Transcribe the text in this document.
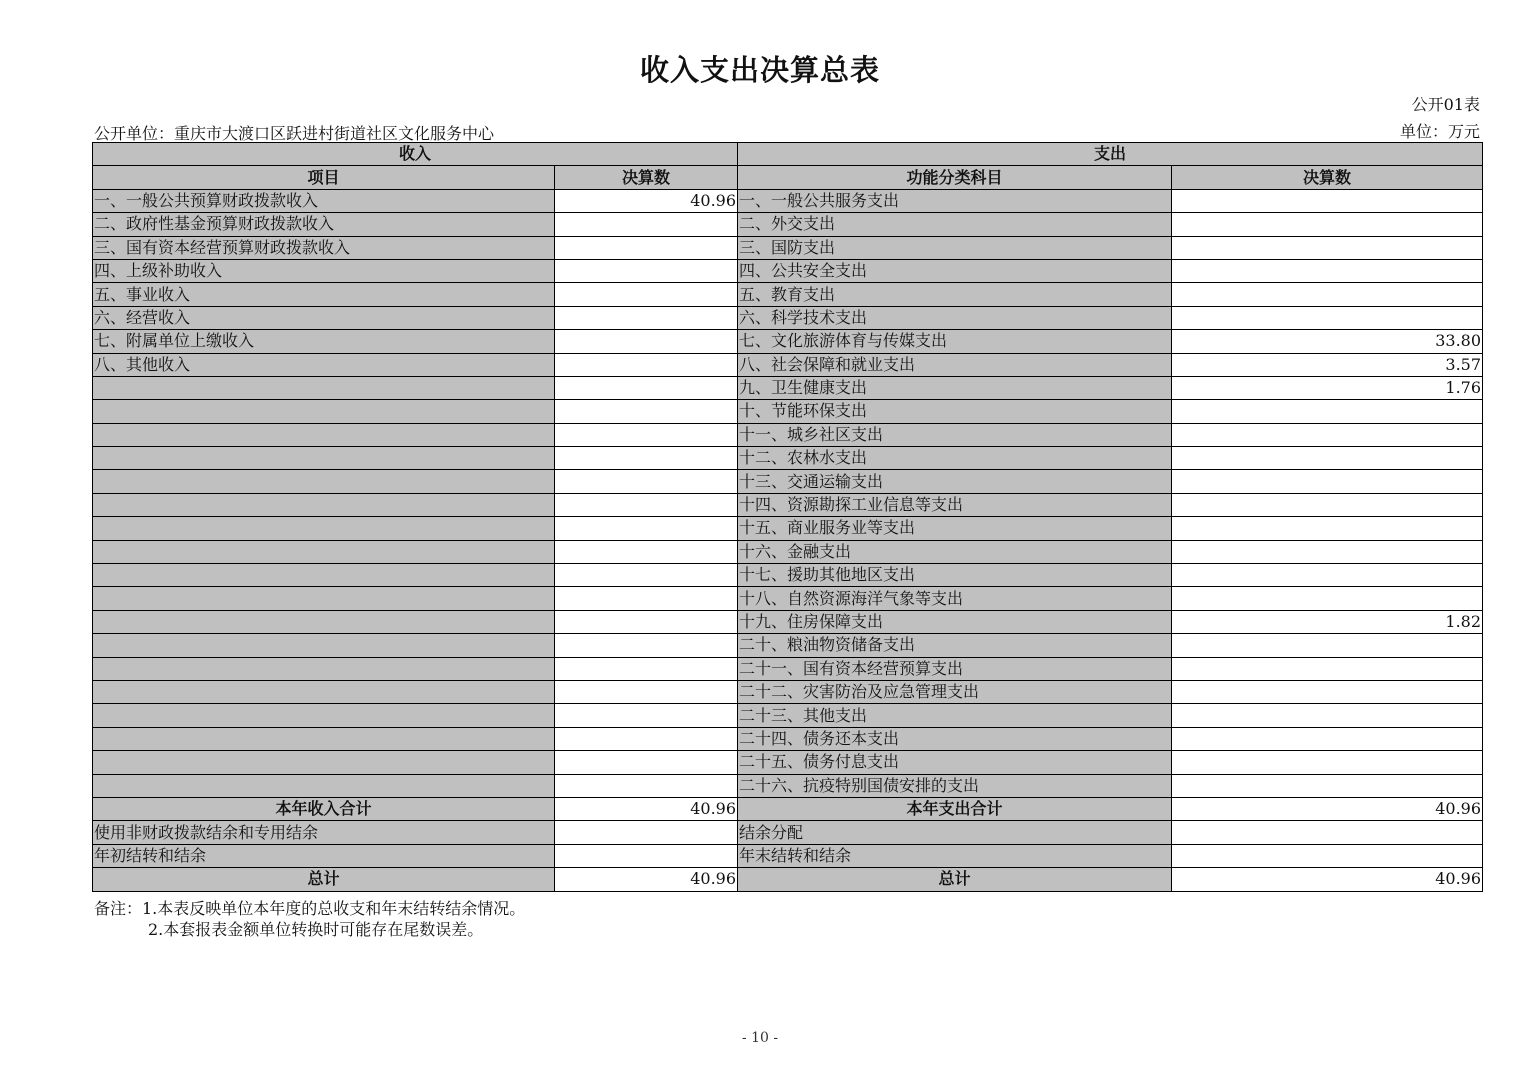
收入支出决算总表
公开01表
公开单位：重庆市大渡口区跃进村街道社区文化服务中心	单位：万元
收入		支出	
项目	决算数	功能分类科目	决算数
一、一般公共预算财政拨款收入	40.96	一、一般公共服务支出	
二、政府性基金预算财政拨款收入		二、外交支出	
三、国有资本经营预算财政拨款收入		三、国防支出	
四、上级补助收入		四、公共安全支出	
五、事业收入		五、教育支出	
六、经营收入		六、科学技术支出	
七、附属单位上缴收入		七、文化旅游体育与传媒支出	33.80
八、其他收入		八、社会保障和就业支出	3.57
		九、卫生健康支出	1.76
		十、节能环保支出	
		十一、城乡社区支出	
		十二、农林水支出	
		十三、交通运输支出	
		十四、资源勘探工业信息等支出	
		十五、商业服务业等支出	
		十六、金融支出	
		十七、援助其他地区支出	
		十八、自然资源海洋气象等支出	
		十九、住房保障支出	1.82
		二十、粮油物资储备支出	
		二十一、国有资本经营预算支出	
		二十二、灾害防治及应急管理支出	
		二十三、其他支出	
		二十四、债务还本支出	
		二十五、债务付息支出	
		二十六、抗疫特别国债安排的支出	
本年收入合计	40.96	本年支出合计	40.96
使用非财政拨款结余和专用结余		结余分配	
年初结转和结余		年末结转和结余	
总计	40.96	总计	40.96
备注：1.本表反映单位本年度的总收支和年末结转结余情况。
2.本套报表金额单位转换时可能存在尾数误差。
- 10 -
